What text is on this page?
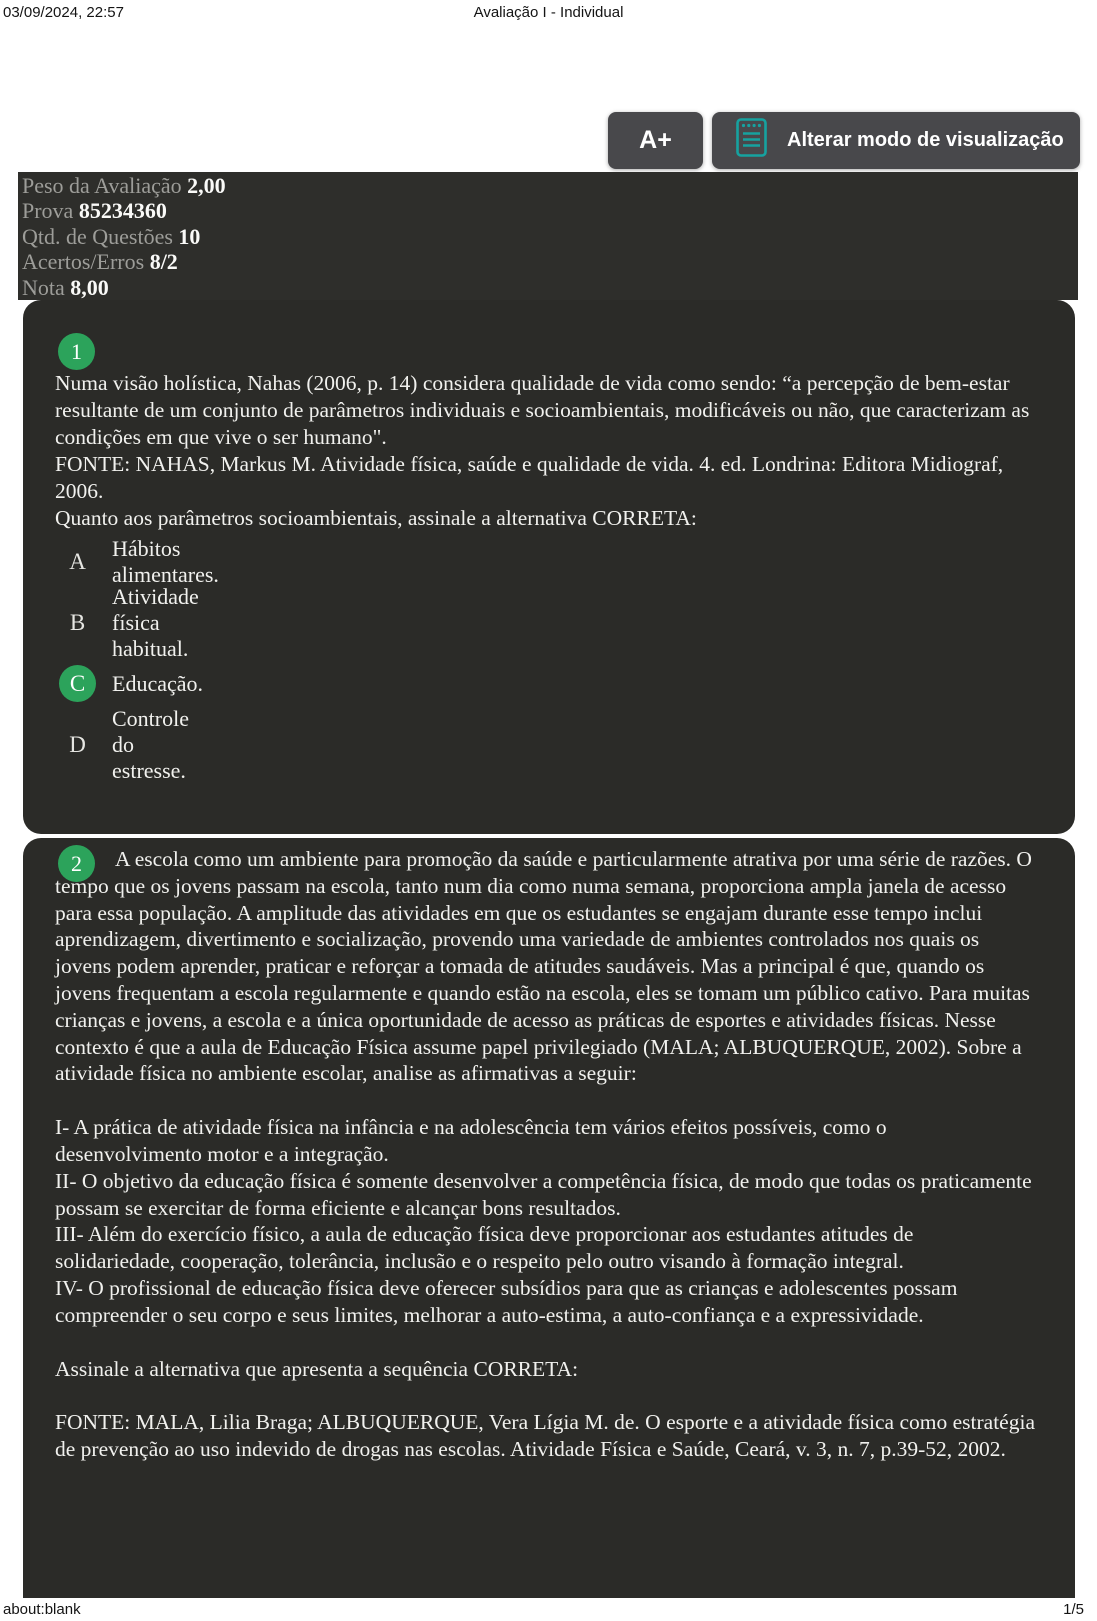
03/09/2024, 22:57	Avaliação I - Individual
A+	Alterar modo de visualização
Peso da Avaliação 2,00
Prova 85234360
Qtd. de Questões 10
Acertos/Erros 8/2
Nota 8,00
1

Numa visão holística, Nahas (2006, p. 14) considera qualidade de vida como sendo: “a percepção de bem-estar resultante de um conjunto de parâmetros individuais e socioambientais, modificáveis ou não, que caracterizam as condições em que vive o ser humano".

FONTE: NAHAS, Markus M. Atividade física, saúde e qualidade de vida. 4. ed. Londrina: Editora Midiograf, 2006.

Quanto aos parâmetros socioambientais, assinale a alternativa CORRETA:

A
Hábitos alimentares.
B
Atividade física habitual.
C	Educação.
D
Controle do estresse.
2	A escola como um ambiente para promoção da saúde e particularmente atrativa por uma série de razões. O tempo que os jovens passam na escola, tanto num dia como numa semana, proporciona ampla janela de acesso para essa população. A amplitude das atividades em que os estudantes se engajam durante esse tempo inclui aprendizagem, divertimento e socialização, provendo uma variedade de ambientes controlados nos quais os jovens podem aprender, praticar e reforçar a tomada de atitudes saudáveis. Mas a principal é que, quando os jovens frequentam a escola regularmente e quando estão na escola, eles se tomam um público cativo. Para muitas crianças e jovens, a escola e a única oportunidade de acesso as práticas de esportes e atividades físicas. Nesse contexto é que a aula de Educação Física assume papel privilegiado (MALA; ALBUQUERQUE, 2002). Sobre a atividade física no ambiente escolar, analise as afirmativas a seguir:

I- A prática de atividade física na infância e na adolescência tem vários efeitos possíveis, como o desenvolvimento motor e a integração.

II- O objetivo da educação física é somente desenvolver a competência física, de modo que todas os praticamente possam se exercitar de forma eficiente e alcançar bons resultados.

III- Além do exercício físico, a aula de educação física deve proporcionar aos estudantes atitudes de solidariedade, cooperação, tolerância, inclusão e o respeito pelo outro visando à formação integral.

IV- O profissional de educação física deve oferecer subsídios para que as crianças e adolescentes possam compreender o seu corpo e seus limites, melhorar a auto-estima, a auto-confiança e a expressividade.

Assinale a alternativa que apresenta a sequência CORRETA:

FONTE: MALA, Lilia Braga; ALBUQUERQUE, Vera Lígia M. de. O esporte e a atividade física como estratégia de prevenção ao uso indevido de drogas nas escolas. Atividade Física e Saúde, Ceará, v. 3, n. 7, p.39-52, 2002.

about:blank	1/5
